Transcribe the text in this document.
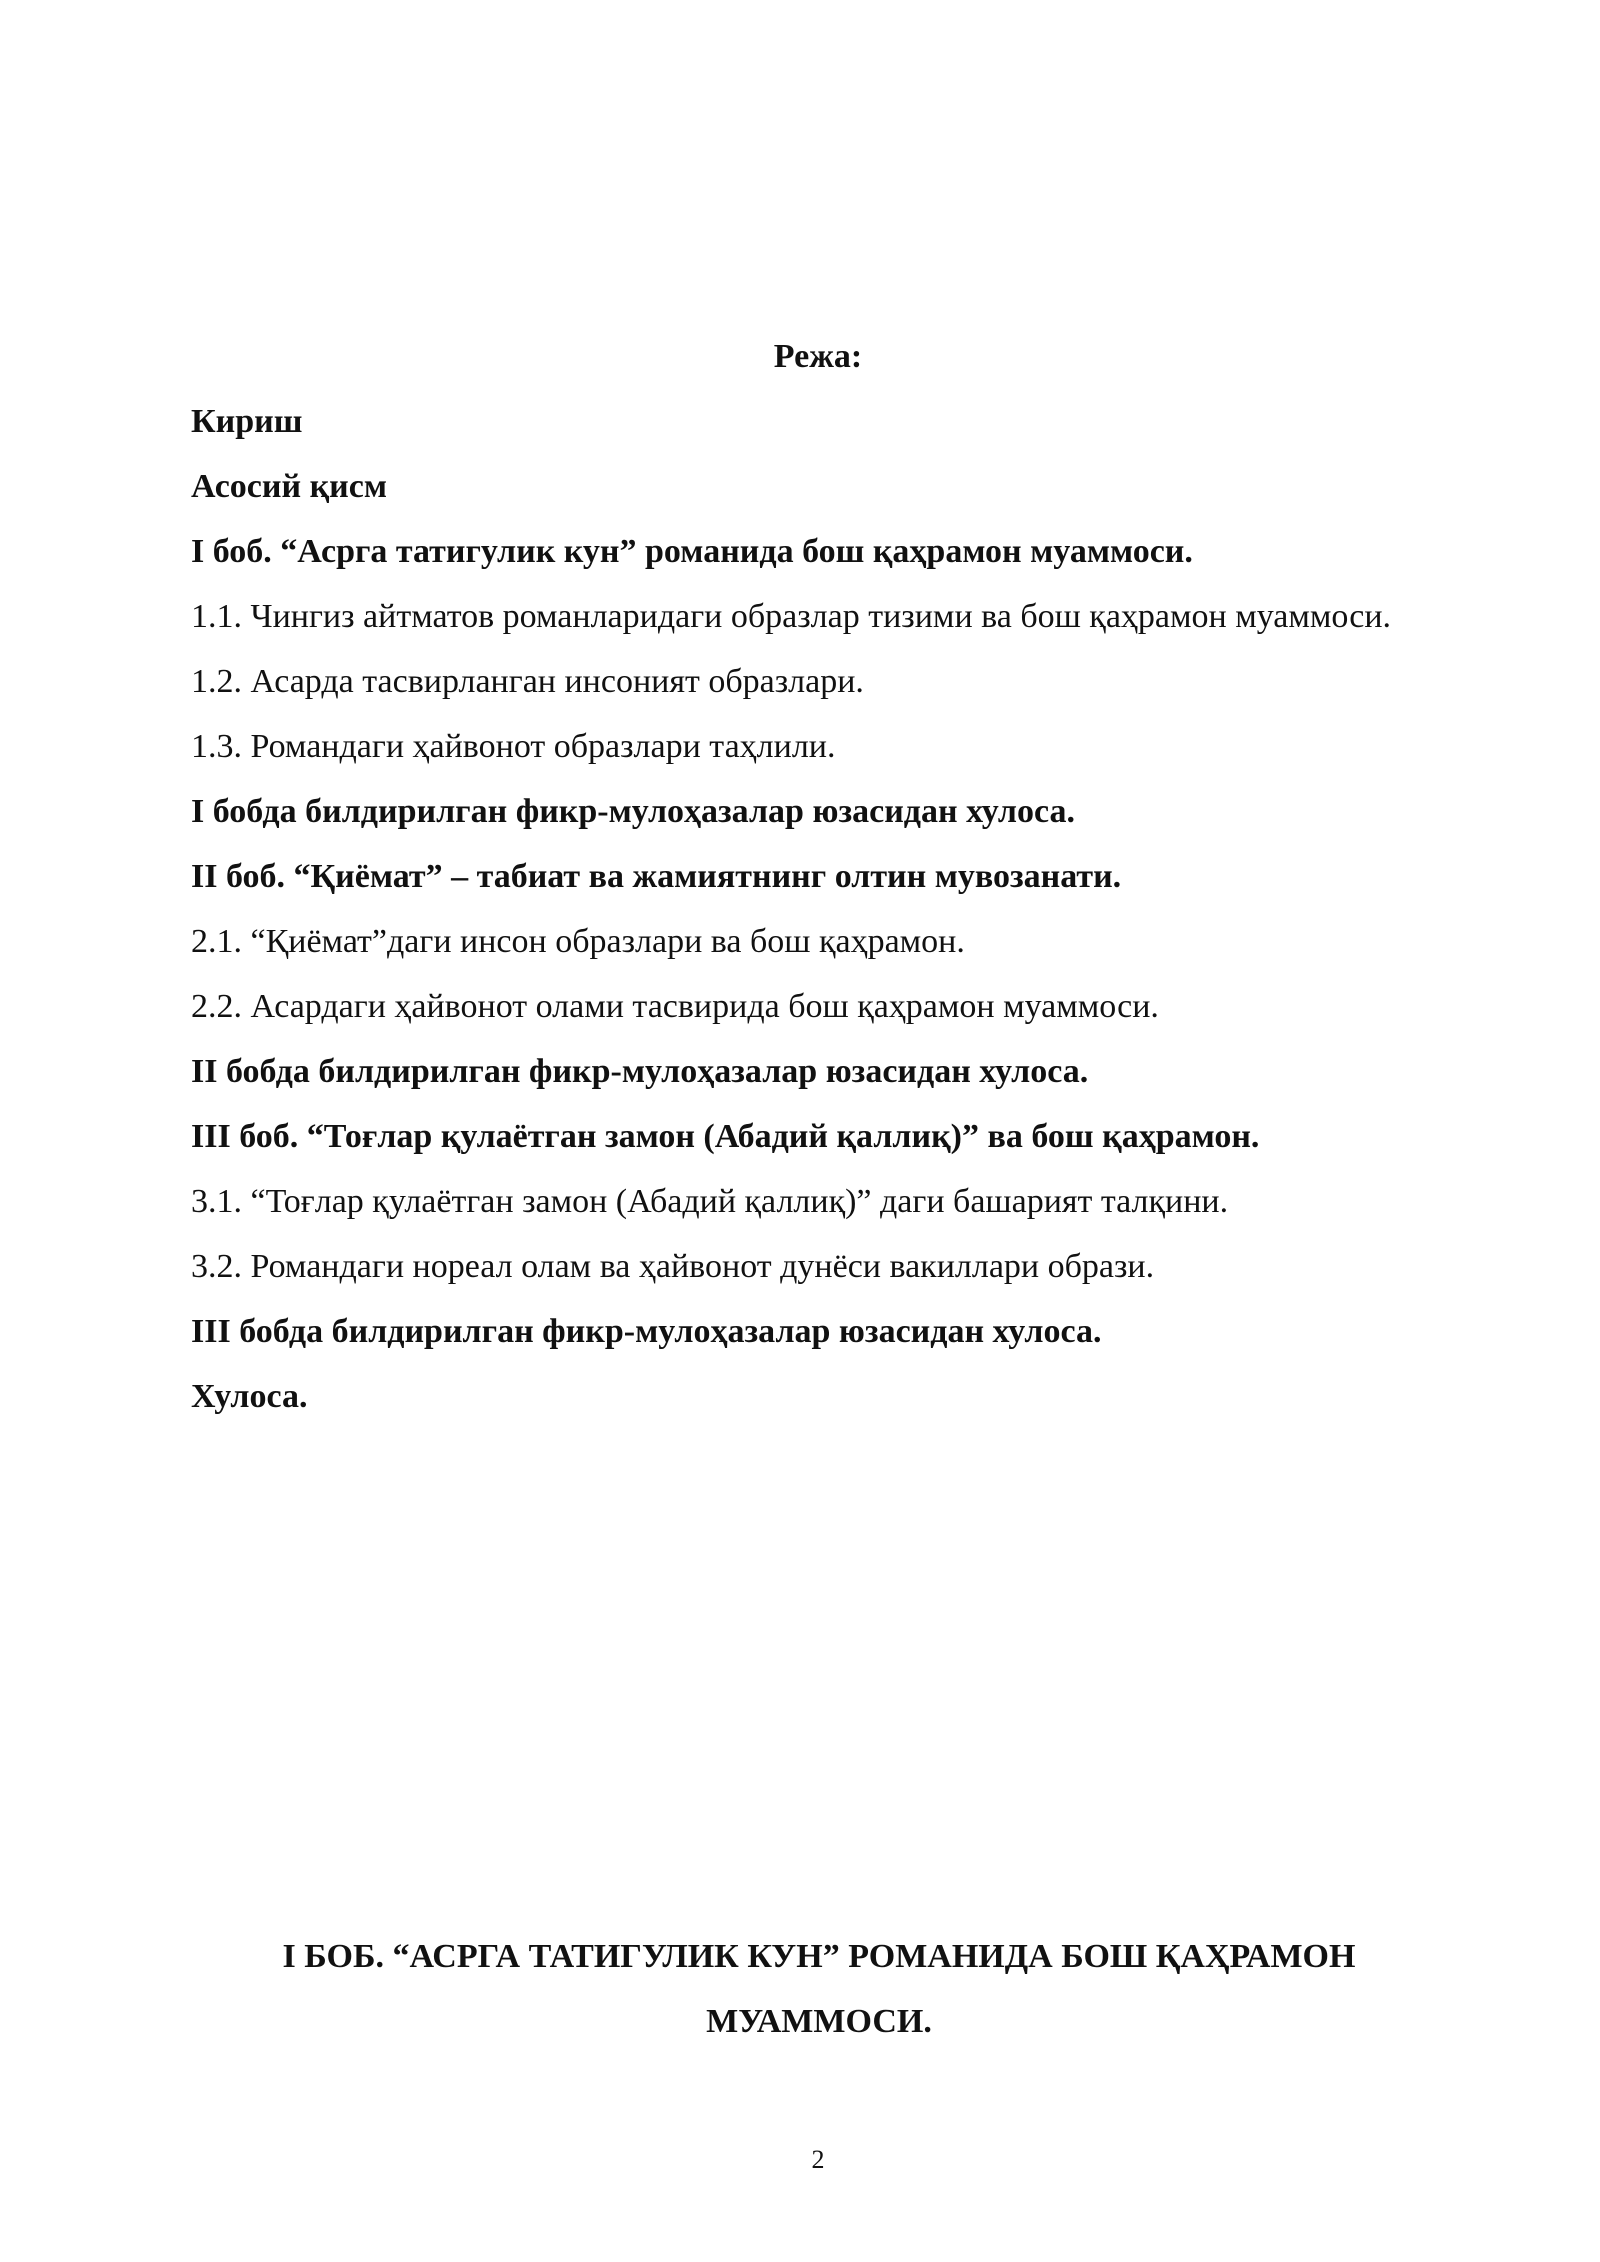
Режа:
Кириш
Асосий қисм
I боб. “Асрга татигулик кун” романида бош қаҳрамон муаммоси.
1.1. Чингиз айтматов романларидаги образлар тизими ва бош қаҳрамон муаммоси.
1.2. Асарда тасвирланган инсоният образлари.
1.3. Романдаги ҳайвонот образлари таҳлили.
I бобда билдирилган фикр-мулоҳазалар юзасидан хулоса.
II боб. “Қиёмат” – табиат ва жамиятнинг олтин мувозанати.
2.1. “Қиёмат”даги инсон образлари ва бош қаҳрамон.
2.2. Асардаги ҳайвонот олами тасвирида бош қаҳрамон муаммоси.
II бобда билдирилган фикр-мулоҳазалар юзасидан хулоса.
III боб. “Тоғлар қулаётган замон (Абадий қаллиқ)” ва бош қаҳрамон.
3.1. “Тоғлар қулаётган замон (Абадий қаллиқ)” даги башарият талқини.
3.2. Романдаги нореал олам ва ҳайвонот дунёси вакиллари образи.
III бобда билдирилган фикр-мулоҳазалар юзасидан хулоса.
Хулоса.
I БОБ. “АСРГА ТАТИГУЛИК КУН” РОМАНИДА БОШ ҚАҲРАМОН МУАММОСИ.
2
